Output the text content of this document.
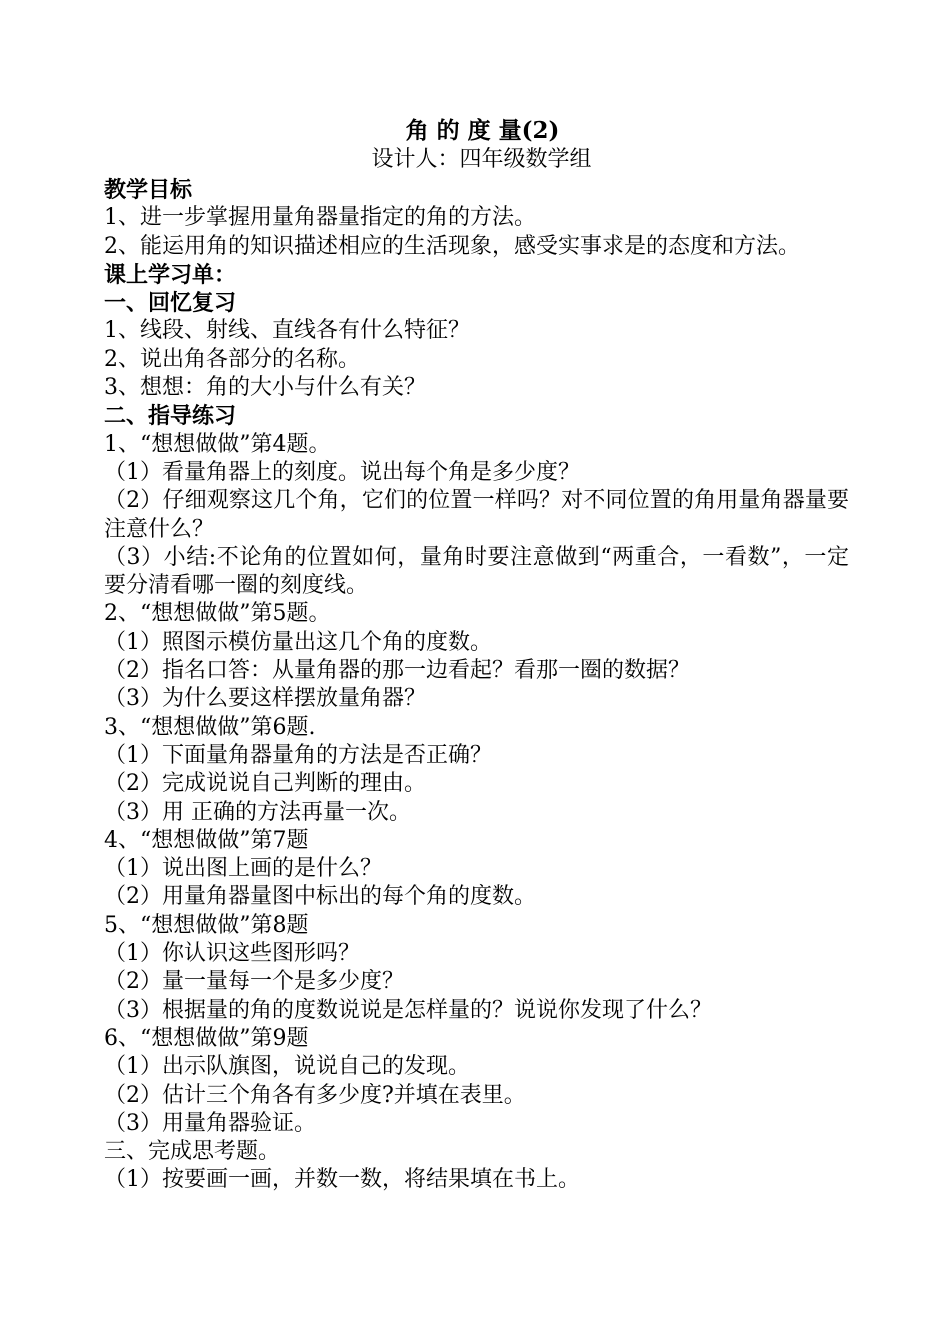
角 的 度 量(2)
设计人：四年级数学组
教学目标
1、进一步掌握用量角器量指定的角的方法。
2、能运用角的知识描述相应的生活现象，感受实事求是的态度和方法。
课上学习单：
一、回忆复习
1、线段、射线、直线各有什么特征？
2、说出角各部分的名称。
3、想想：角的大小与什么有关？
二、指导练习
1、“想想做做”第4题。
（1）看量角器上的刻度。说出每个角是多少度？
（2）仔细观察这几个角，它们的位置一样吗？对不同位置的角用量角器量要注意什么？
（3）小结:不论角的位置如何，量角时要注意做到“两重合，一看数”，一定要分清看哪一圈的刻度线。
2、“想想做做”第5题。
（1）照图示模仿量出这几个角的度数。
（2）指名口答：从量角器的那一边看起？看那一圈的数据？
（3）为什么要这样摆放量角器？
3、“想想做做”第6题.
（1）下面量角器量角的方法是否正确？
（2）完成说说自己判断的理由。
（3）用 正确的方法再量一次。
4、“想想做做”第7题
（1）说出图上画的是什么？
（2）用量角器量图中标出的每个角的度数。
5、“想想做做”第8题
（1）你认识这些图形吗？
（2）量一量每一个是多少度？
（3）根据量的角的度数说说是怎样量的？说说你发现了什么？
6、“想想做做”第9题
（1）出示队旗图，说说自己的发现。
（2）估计三个角各有多少度?并填在表里。
（3）用量角器验证。
三、完成思考题。
（1）按要画一画，并数一数，将结果填在书上。
